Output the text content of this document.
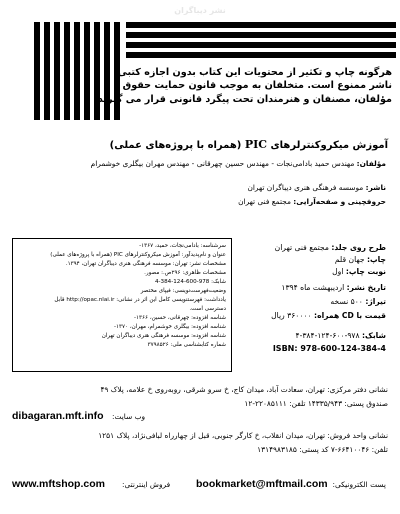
نشر دیباگران
هرگونه چاپ و تکثیر از محتویات این کتاب بدون اجازه کتبی
ناشر ممنوع است. متخلفان به موجب قانون حمایت حقوق
مؤلفان، مصنفان و هنرمندان تحت پیگرد قانونی قرار می گیرند.
آموزش میکروکنترلرهای PIC (همراه با پروژه‌های عملی)
مؤلفان: مهندس حمید بادامی‌نجات - مهندس حسین چهرقانی - مهندس مهران بیگلری خوشمرام
ناشر: موسسه فرهنگی هنری دیباگران تهران
حروفچینی و صفحه‌آرایی: مجتمع فنی تهران
سرشناسه: بادامی‌نجات، حمید، ۱۳۶۷-
عنوان و نام‌پدیدآور: آموزش میکروکنترلرهای PIC (همراه با پروژه‌های عملی)
مشخصات نشر: تهران: موسسه فرهنگی هنری دیباگران تهران، ۱۳۹۴.
مشخصات ظاهری: ۲۹۶ص.: مصور.
شابک: 978-600-124-384-4
وضعیت‌فهرست‌نویسی: فیپای مختصر
یادداشت: فهرستنویسی کامل این اثر در نشانی: http://opac.nlai.ir قابل
دسترسی است.
شناسه افزوده: چهرقانی، حسین، ۱۳۶۶-
شناسه افزوده: بیگلری خوشمرام، مهران، ۱۳۷۰-
شناسه افزوده: موسسه فرهنگی هنری دیباگران تهران
شماره کتابشناسی ملی: ۳۷۹۸۵۲۶
طرح روی جلد: مجتمع فنی تهران
چاپ: جهان قلم
نوبت چاپ: اول
تاریخ نشر: اردیبهشت ماه ۱۳۹۴
تیراژ: ۵۰۰ نسخه
قیمت با CD همراه: ۳۶۰۰۰۰ ریال
شابک: ۹۷۸-۶۰۰-۱۲۴-۳۸۴-۴
ISBN: 978-600-124-384-4
نشانی دفتر مرکزی: تهران، سعادت آباد، میدان کاج، خ سرو شرقی، روبه‌روی خ علامه، پلاک ۴۹
صندوق پستی: ۱۴۳۳۵/۹۴۳ تلفن: ۲۲۰۸۵۱۱۱-۱۲
وب سایت:
dibagaran.mft.info
نشانی واحد فروش: تهران، میدان انقلاب، خ کارگر جنوبی، قبل از چهارراه لبافی‌نژاد، پلاک ۱۲۵۱
تلفن: ۶۶۴۱۰۰۴۶-۷ کد پستی: ۱۳۱۴۹۸۳۱۸۵
پست الکترونیکی:
bookmarket@mftmail.com
فروش اینترنتی:
www.mftshop.com
